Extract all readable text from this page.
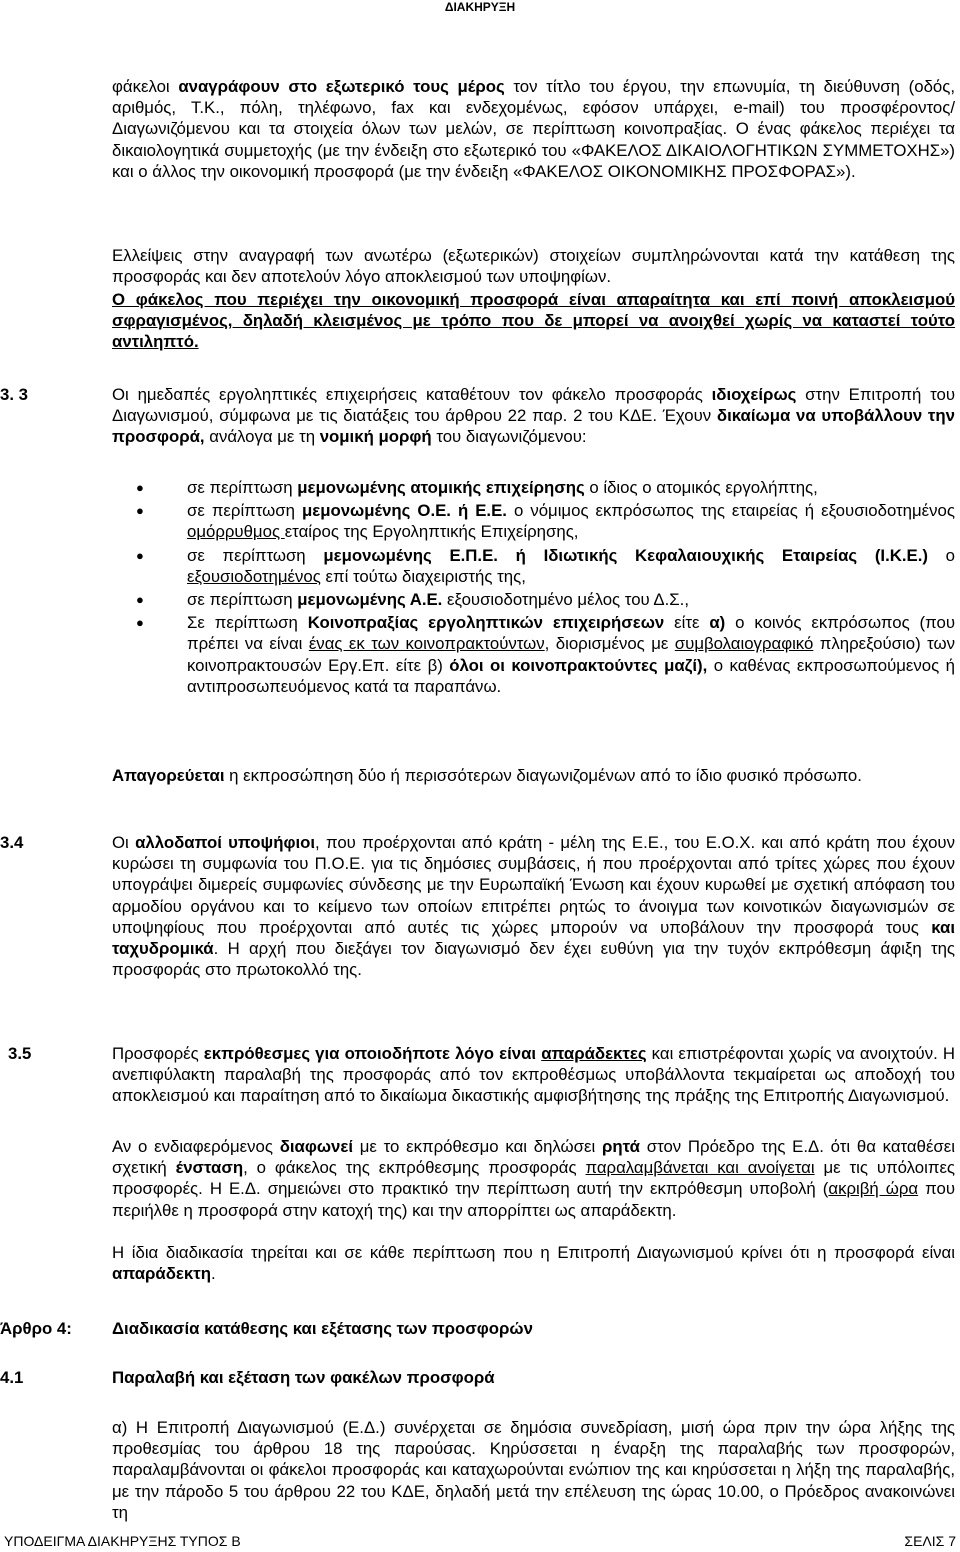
ΔΙΑΚΗΡΥΞΗ

φάκελοι αναγράφουν στο εξωτερικό τους μέρος τον τίτλο του έργου, την επωνυμία, τη διεύθυνση (οδός, αριθμός, Τ.Κ., πόλη, τηλέφωνο, fax και ενδεχομένως, εφόσον υπάρχει, e-mail) του προσφέροντος/Διαγωνιζόμενου και τα στοιχεία όλων των μελών, σε περίπτωση κοινοπραξίας. Ο ένας φάκελος περιέχει τα δικαιολογητικά συμμετοχής (με την ένδειξη στο εξωτερικό του «ΦΑΚΕΛΟΣ ΔΙΚΑΙΟΛΟΓΗΤΙΚΩΝ ΣΥΜΜΕΤΟΧΗΣ») και ο άλλος την οικονομική προσφορά (με την ένδειξη «ΦΑΚΕΛΟΣ ΟΙΚΟΝΟΜΙΚΗΣ ΠΡΟΣΦΟΡΑΣ»).

Ελλείψεις στην αναγραφή των ανωτέρω (εξωτερικών) στοιχείων συμπληρώνονται κατά την κατάθεση της προσφοράς και δεν αποτελούν λόγο αποκλεισμού των υποψηφίων.

Ο φάκελος που περιέχει την οικονομική προσφορά είναι απαραίτητα και επί ποινή αποκλεισμού σφραγισμένος, δηλαδή κλεισμένος με τρόπο που δε μπορεί να ανοιχθεί χωρίς να καταστεί τούτο αντιληπτό.

3. 3	Οι ημεδαπές εργοληπτικές επιχειρήσεις καταθέτουν τον φάκελο προσφοράς ιδιοχείρως στην Επιτροπή του Διαγωνισμού, σύμφωνα με τις διατάξεις του άρθρου 22 παρ. 2 του ΚΔΕ. Έχουν δικαίωμα να υποβάλλουν την προσφορά, ανάλογα με τη νομική μορφή του διαγωνιζόμενου:

● σε περίπτωση μεμονωμένης ατομικής επιχείρησης ο ίδιος ο ατομικός εργολήπτης,
● σε περίπτωση μεμονωμένης Ο.Ε. ή Ε.Ε. ο νόμιμος εκπρόσωπος της εταιρείας ή εξουσιοδοτημένος ομόρρυθμος εταίρος της Εργοληπτικής Επιχείρησης,
● σε περίπτωση μεμονωμένης Ε.Π.Ε. ή Ιδιωτικής Κεφαλαιουχικής Εταιρείας (Ι.Κ.Ε.) ο εξουσιοδοτημένος επί τούτω διαχειριστής της,
● σε περίπτωση μεμονωμένης Α.Ε. εξουσιοδοτημένο μέλος του Δ.Σ.,
● Σε περίπτωση Κοινοπραξίας εργοληπτικών επιχειρήσεων είτε α) ο κοινός εκπρόσωπος (που πρέπει να είναι ένας εκ των κοινοπρακτούντων, διορισμένος με συμβολαιογραφικό πληρεξούσιο) των κοινοπρακτουσών Εργ.Επ. είτε β) όλοι οι κοινοπρακτούντες μαζί), ο καθένας εκπροσωπούμενος ή αντιπροσωπευόμενος κατά τα παραπάνω.

Απαγορεύεται η εκπροσώπηση δύο ή περισσότερων διαγωνιζομένων από το ίδιο φυσικό πρόσωπο.

3.4	Οι αλλοδαποί υποψήφιοι, που προέρχονται από κράτη - μέλη της Ε.Ε., του Ε.Ο.Χ. και από κράτη που έχουν κυρώσει τη συμφωνία του Π.Ο.Ε. για τις δημόσιες συμβάσεις, ή που προέρχονται από τρίτες χώρες που έχουν υπογράψει διμερείς συμφωνίες σύνδεσης με την Ευρωπαϊκή Ένωση και έχουν κυρωθεί με σχετική απόφαση του αρμοδίου οργάνου και το κείμενο των οποίων επιτρέπει ρητώς το άνοιγμα των κοινοτικών διαγωνισμών σε υποψηφίους που προέρχονται από αυτές τις χώρες μπορούν να υποβάλουν την προσφορά τους και ταχυδρομικά. Η αρχή που διεξάγει τον διαγωνισμό δεν έχει ευθύνη για την τυχόν εκπρόθεσμη άφιξη της προσφοράς στο πρωτοκολλό της.

3.5	Προσφορές εκπρόθεσμες για οποιοδήποτε λόγο είναι απαράδεκτες και επιστρέφονται χωρίς να ανοιχτούν. Η ανεπιφύλακτη παραλαβή της προσφοράς από τον εκπροθέσμως υποβάλλοντα τεκμαίρεται ως αποδοχή του αποκλεισμού και παραίτηση από το δικαίωμα δικαστικής αμφισβήτησης της πράξης της Επιτροπής Διαγωνισμού.

Αν ο ενδιαφερόμενος διαφωνεί με το εκπρόθεσμο και δηλώσει ρητά στον Πρόεδρο της Ε.Δ. ότι θα καταθέσει σχετική ένσταση, ο φάκελος της εκπρόθεσμης προσφοράς παραλαμβάνεται και ανοίγεται με τις υπόλοιπες προσφορές. Η Ε.Δ. σημειώνει στο πρακτικό την περίπτωση αυτή την εκπρόθεσμη υποβολή (ακριβή ώρα που περιήλθε η προσφορά στην κατοχή της) και την απορρίπτει ως απαράδεκτη.

Η ίδια διαδικασία τηρείται και σε κάθε περίπτωση που η Επιτροπή Διαγωνισμού κρίνει ότι η προσφορά είναι απαράδεκτη.

Άρθρο 4: Διαδικασία κατάθεσης και εξέτασης των προσφορών
4.1	Παραλαβή και εξέταση των φακέλων προσφορά

α) Η Επιτροπή Διαγωνισμού (Ε.Δ.) συνέρχεται σε δημόσια συνεδρίαση, μισή ώρα πριν την ώρα λήξης της προθεσμίας του άρθρου 18 της παρούσας. Κηρύσσεται η έναρξη της παραλαβής των προσφορών, παραλαμβάνονται οι φάκελοι προσφοράς και καταχωρούνται ενώπιον της και κηρύσσεται η λήξη της παραλαβής, με την πάροδο 5 του άρθρου 22 του ΚΔΕ, δηλαδή μετά την επέλευση της ώρας 10.00, ο Πρόεδρος ανακοινώνει τη

ΥΠΟΔΕΙΓΜΑ ΔΙΑΚΗΡΥΞΗΣ ΤΥΠΟΣ Β	ΣΕΛΙΣ 7
